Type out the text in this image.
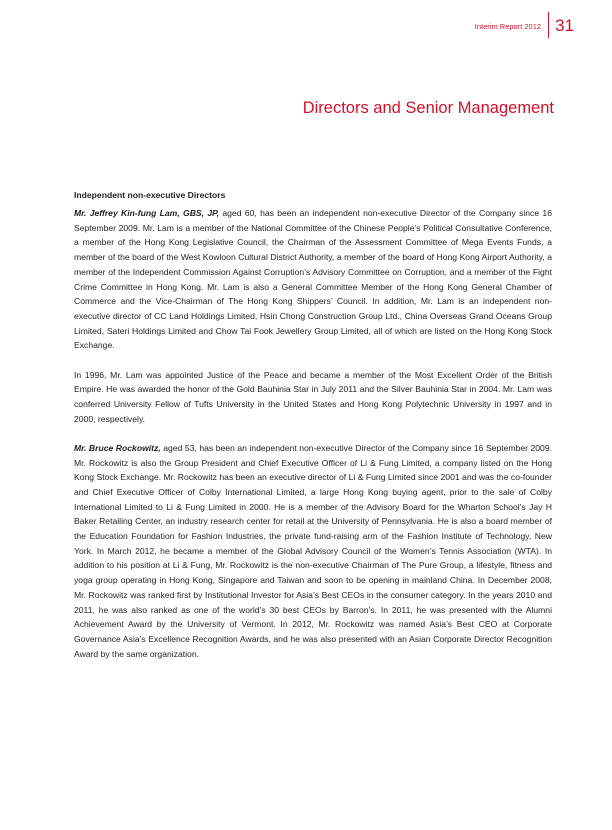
Interim Report 2012 31
Directors and Senior Management
Independent non-executive Directors

Mr. Jeffrey Kin-fung Lam, GBS, JP, aged 60, has been an independent non-executive Director of the Company since 16 September 2009. Mr. Lam is a member of the National Committee of the Chinese People’s Political Consultative Conference, a member of the Hong Kong Legislative Council, the Chairman of the Assessment Committee of Mega Events Funds, a member of the board of the West Kowloon Cultural District Authority, a member of the board of Hong Kong Airport Authority, a member of the Independent Commission Against Corruption’s Advisory Committee on Corruption, and a member of the Fight Crime Committee in Hong Kong. Mr. Lam is also a General Committee Member of the Hong Kong General Chamber of Commerce and the Vice-Chairman of The Hong Kong Shippers’ Council. In addition, Mr. Lam is an independent non-executive director of CC Land Holdings Limited, Hsin Chong Construction Group Ltd., China Overseas Grand Oceans Group Limited, Sateri Holdings Limited and Chow Tai Fook Jewellery Group Limited, all of which are listed on the Hong Kong Stock Exchange.

In 1996, Mr. Lam was appointed Justice of the Peace and became a member of the Most Excellent Order of the British Empire. He was awarded the honor of the Gold Bauhinia Star in July 2011 and the Silver Bauhinia Star in 2004. Mr. Lam was conferred University Fellow of Tufts University in the United States and Hong Kong Polytechnic University in 1997 and in 2000, respectively.

Mr. Bruce Rockowitz, aged 53, has been an independent non-executive Director of the Company since 16 September 2009. Mr. Rockowitz is also the Group President and Chief Executive Officer of Li & Fung Limited, a company listed on the Hong Kong Stock Exchange. Mr. Rockowitz has been an executive director of Li & Fung Limited since 2001 and was the co-founder and Chief Executive Officer of Colby International Limited, a large Hong Kong buying agent, prior to the sale of Colby International Limited to Li & Fung Limited in 2000. He is a member of the Advisory Board for the Wharton School’s Jay H Baker Retailing Center, an industry research center for retail at the University of Pennsylvania. He is also a board member of the Education Foundation for Fashion Industries, the private fund-raising arm of the Fashion Institute of Technology, New York. In March 2012, he became a member of the Global Advisory Council of the Women’s Tennis Association (WTA). In addition to his position at Li & Fung, Mr. Rockowitz is the non-executive Chairman of The Pure Group, a lifestyle, fitness and yoga group operating in Hong Kong, Singapore and Taiwan and soon to be opening in mainland China. In December 2008, Mr. Rockowitz was ranked first by Institutional Investor for Asia’s Best CEOs in the consumer category. In the years 2010 and 2011, he was also ranked as one of the world’s 30 best CEOs by Barron’s. In 2011, he was presented with the Alumni Achievement Award by the University of Vermont. In 2012, Mr. Rockowitz was named Asia’s Best CEO at Corporate Governance Asia’s Excellence Recognition Awards, and he was also presented with an Asian Corporate Director Recognition Award by the same organization.
